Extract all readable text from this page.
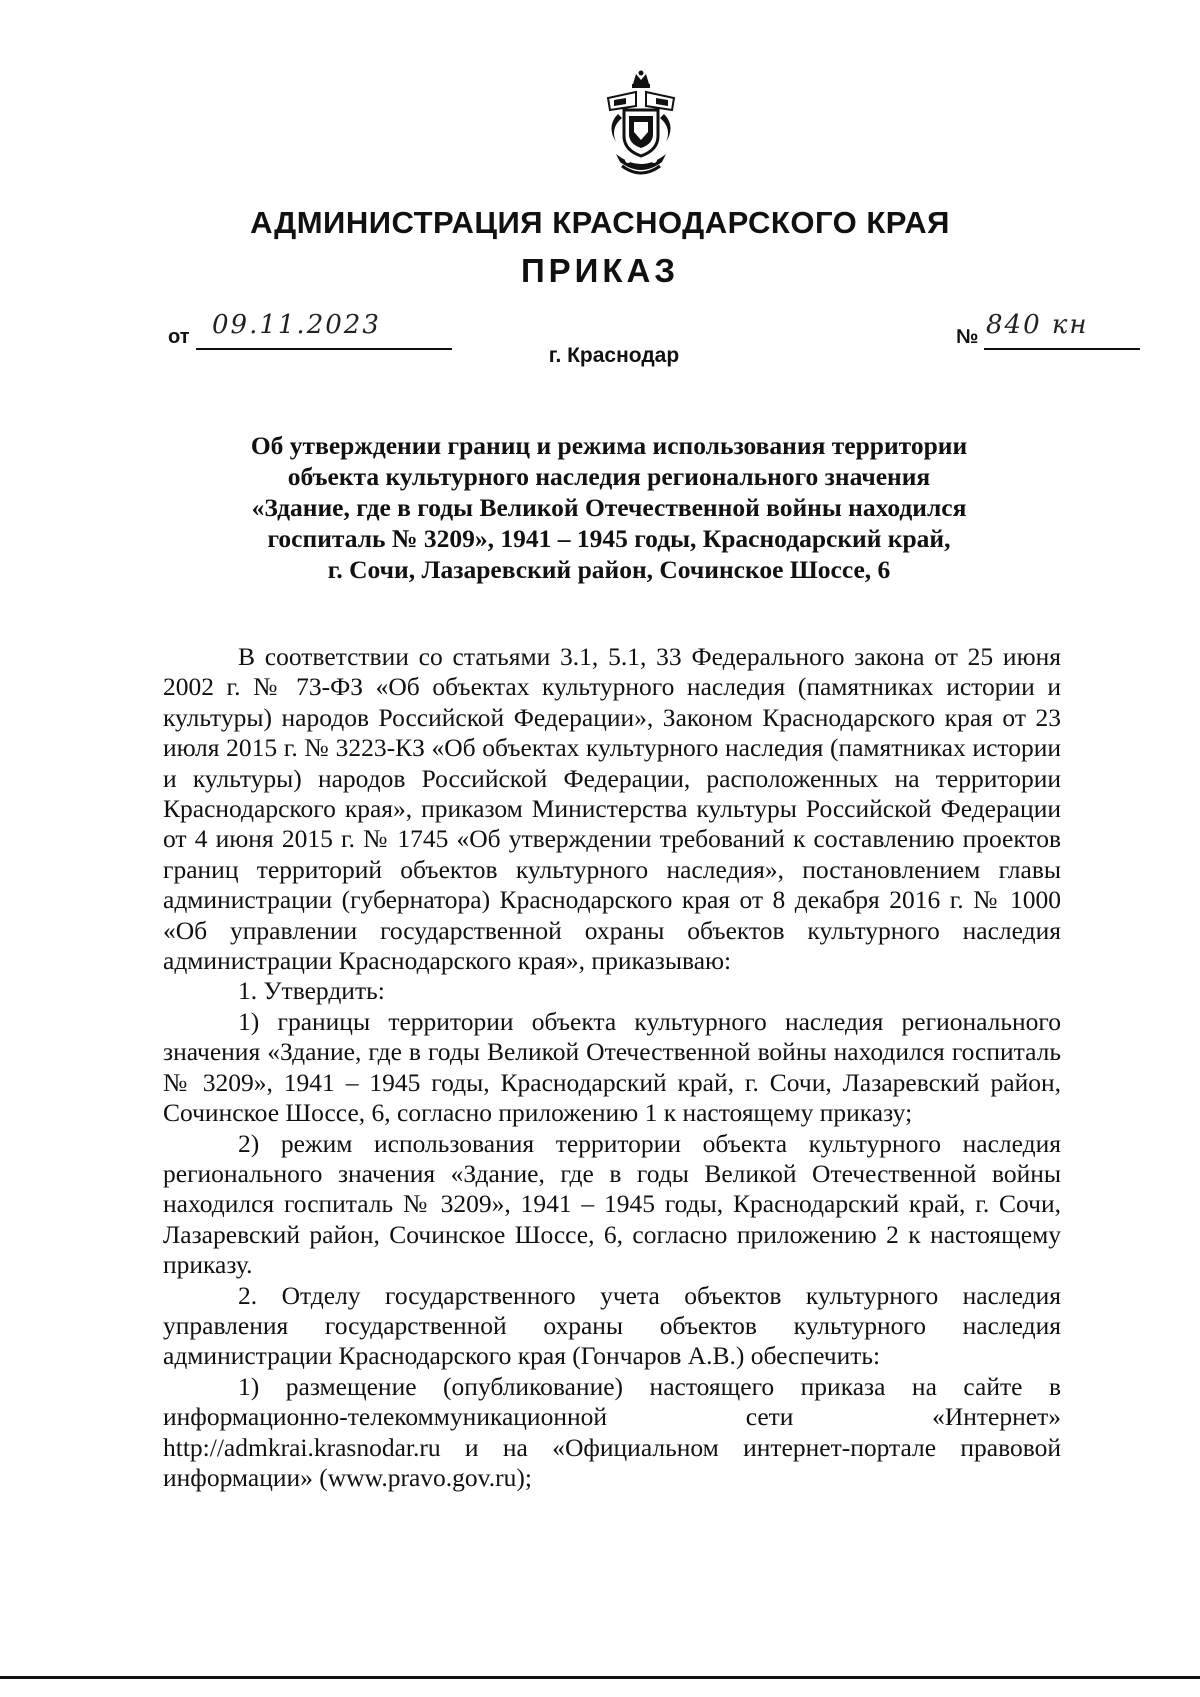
АДМИНИСТРАЦИЯ КРАСНОДАРСКОГО КРАЯ
ПРИКАЗ
от 09.11.2023	№ 840 кн
г. Краснодар
Об утверждении границ и режима использования территории
объекта культурного наследия регионального значения
«Здание, где в годы Великой Отечественной войны находился
госпиталь № 3209», 1941 – 1945 годы, Краснодарский край,
г. Сочи, Лазаревский район, Сочинское Шоссе, 6

В соответствии со статьями 3.1, 5.1, 33 Федерального закона от 25 июня 2002 г. № 73-ФЗ «Об объектах культурного наследия (памятниках истории и культуры) народов Российской Федерации», Законом Краснодарского края от 23 июля 2015 г. № 3223-КЗ «Об объектах культурного наследия (памятниках истории и культуры) народов Российской Федерации, расположенных на территории Краснодарского края», приказом Министерства культуры Российской Федерации от 4 июня 2015 г. № 1745 «Об утверждении требований к составлению проектов границ территорий объектов культурного наследия», постановлением главы администрации (губернатора) Краснодарского края от 8 декабря 2016 г. № 1000 «Об управлении государственной охраны объектов культурного наследия администрации Краснодарского края», приказываю:

1. Утвердить:

1) границы территории объекта культурного наследия регионального значения «Здание, где в годы Великой Отечественной войны находился госпиталь № 3209», 1941 – 1945 годы, Краснодарский край, г. Сочи, Лазаревский район, Сочинское Шоссе, 6, согласно приложению 1 к настоящему приказу;

2) режим использования территории объекта культурного наследия регионального значения «Здание, где в годы Великой Отечественной войны находился госпиталь № 3209», 1941 – 1945 годы, Краснодарский край, г. Сочи, Лазаревский район, Сочинское Шоссе, 6, согласно приложению 2 к настоящему приказу.

2. Отделу государственного учета объектов культурного наследия управления государственной охраны объектов культурного наследия администрации Краснодарского края (Гончаров А.В.) обеспечить:

1) размещение (опубликование) настоящего приказа на сайте в информационно-телекоммуникационной сети «Интернет» http://admkrai.krasnodar.ru и на «Официальном интернет-портале правовой информации» (www.pravo.gov.ru);
